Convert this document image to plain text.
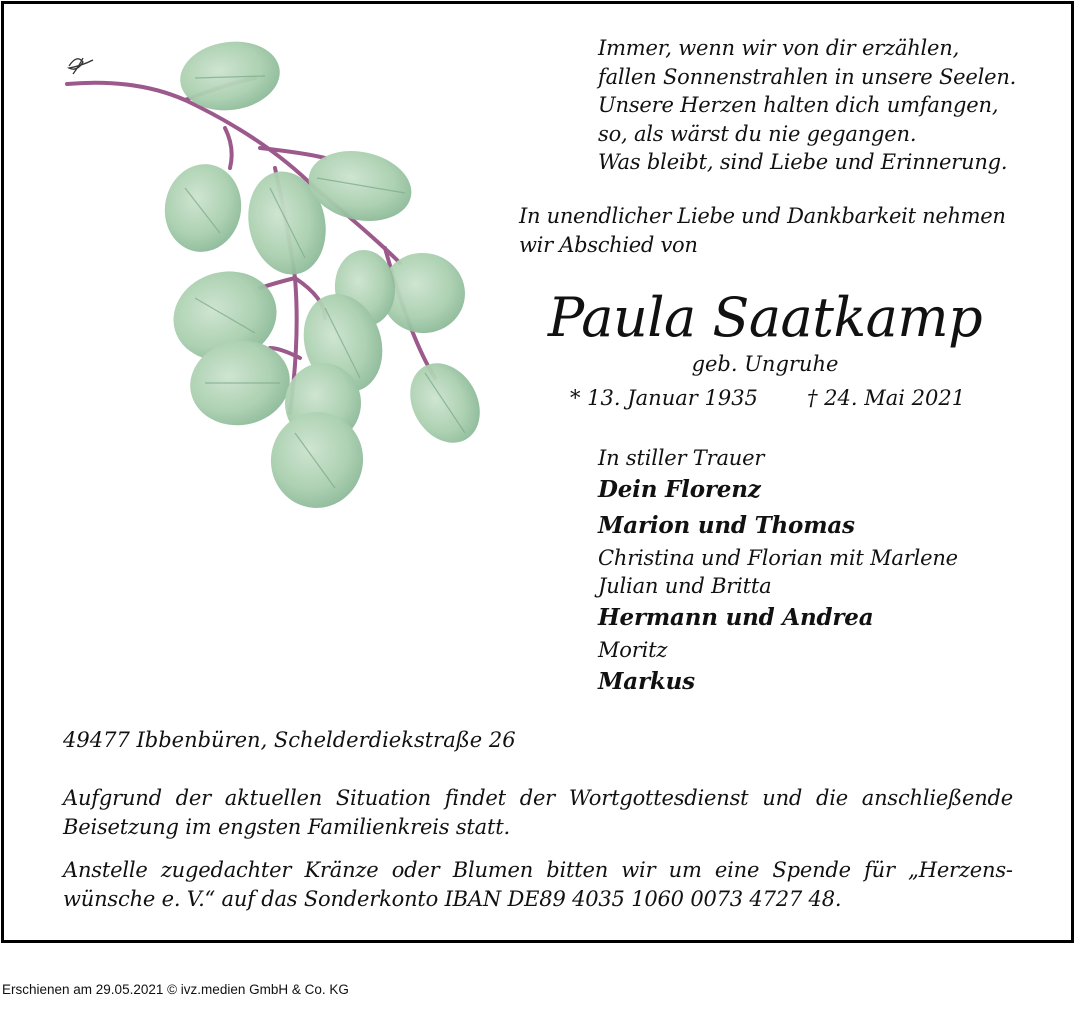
Immer, wenn wir von dir erzählen,
fallen Sonnenstrahlen in unsere Seelen.
Unsere Herzen halten dich umfangen,
so, als wärst du nie gegangen.
Was bleibt, sind Liebe und Erinnerung.
In unendlicher Liebe und Dankbarkeit nehmen
wir Abschied von
Paula Saatkamp
geb. Ungruhe
* 13. Januar 1935 † 24. Mai 2021
In stiller Trauer
Dein Florenz
Marion und Thomas
Christina und Florian mit Marlene
Julian und Britta
Hermann und Andrea
Moritz
Markus
49477 Ibbenbüren, Schelderdiekstraße 26
Aufgrund der aktuellen Situation findet der Wortgottesdienst und die anschließende Beisetzung im engsten Familienkreis statt.
Anstelle zugedachter Kränze oder Blumen bitten wir um eine Spende für „Herzenswünsche e. V.“ auf das Sonderkonto IBAN DE89 4035 1060 0073 4727 48.
Erschienen am 29.05.2021 © ivz.medien GmbH & Co. KG
